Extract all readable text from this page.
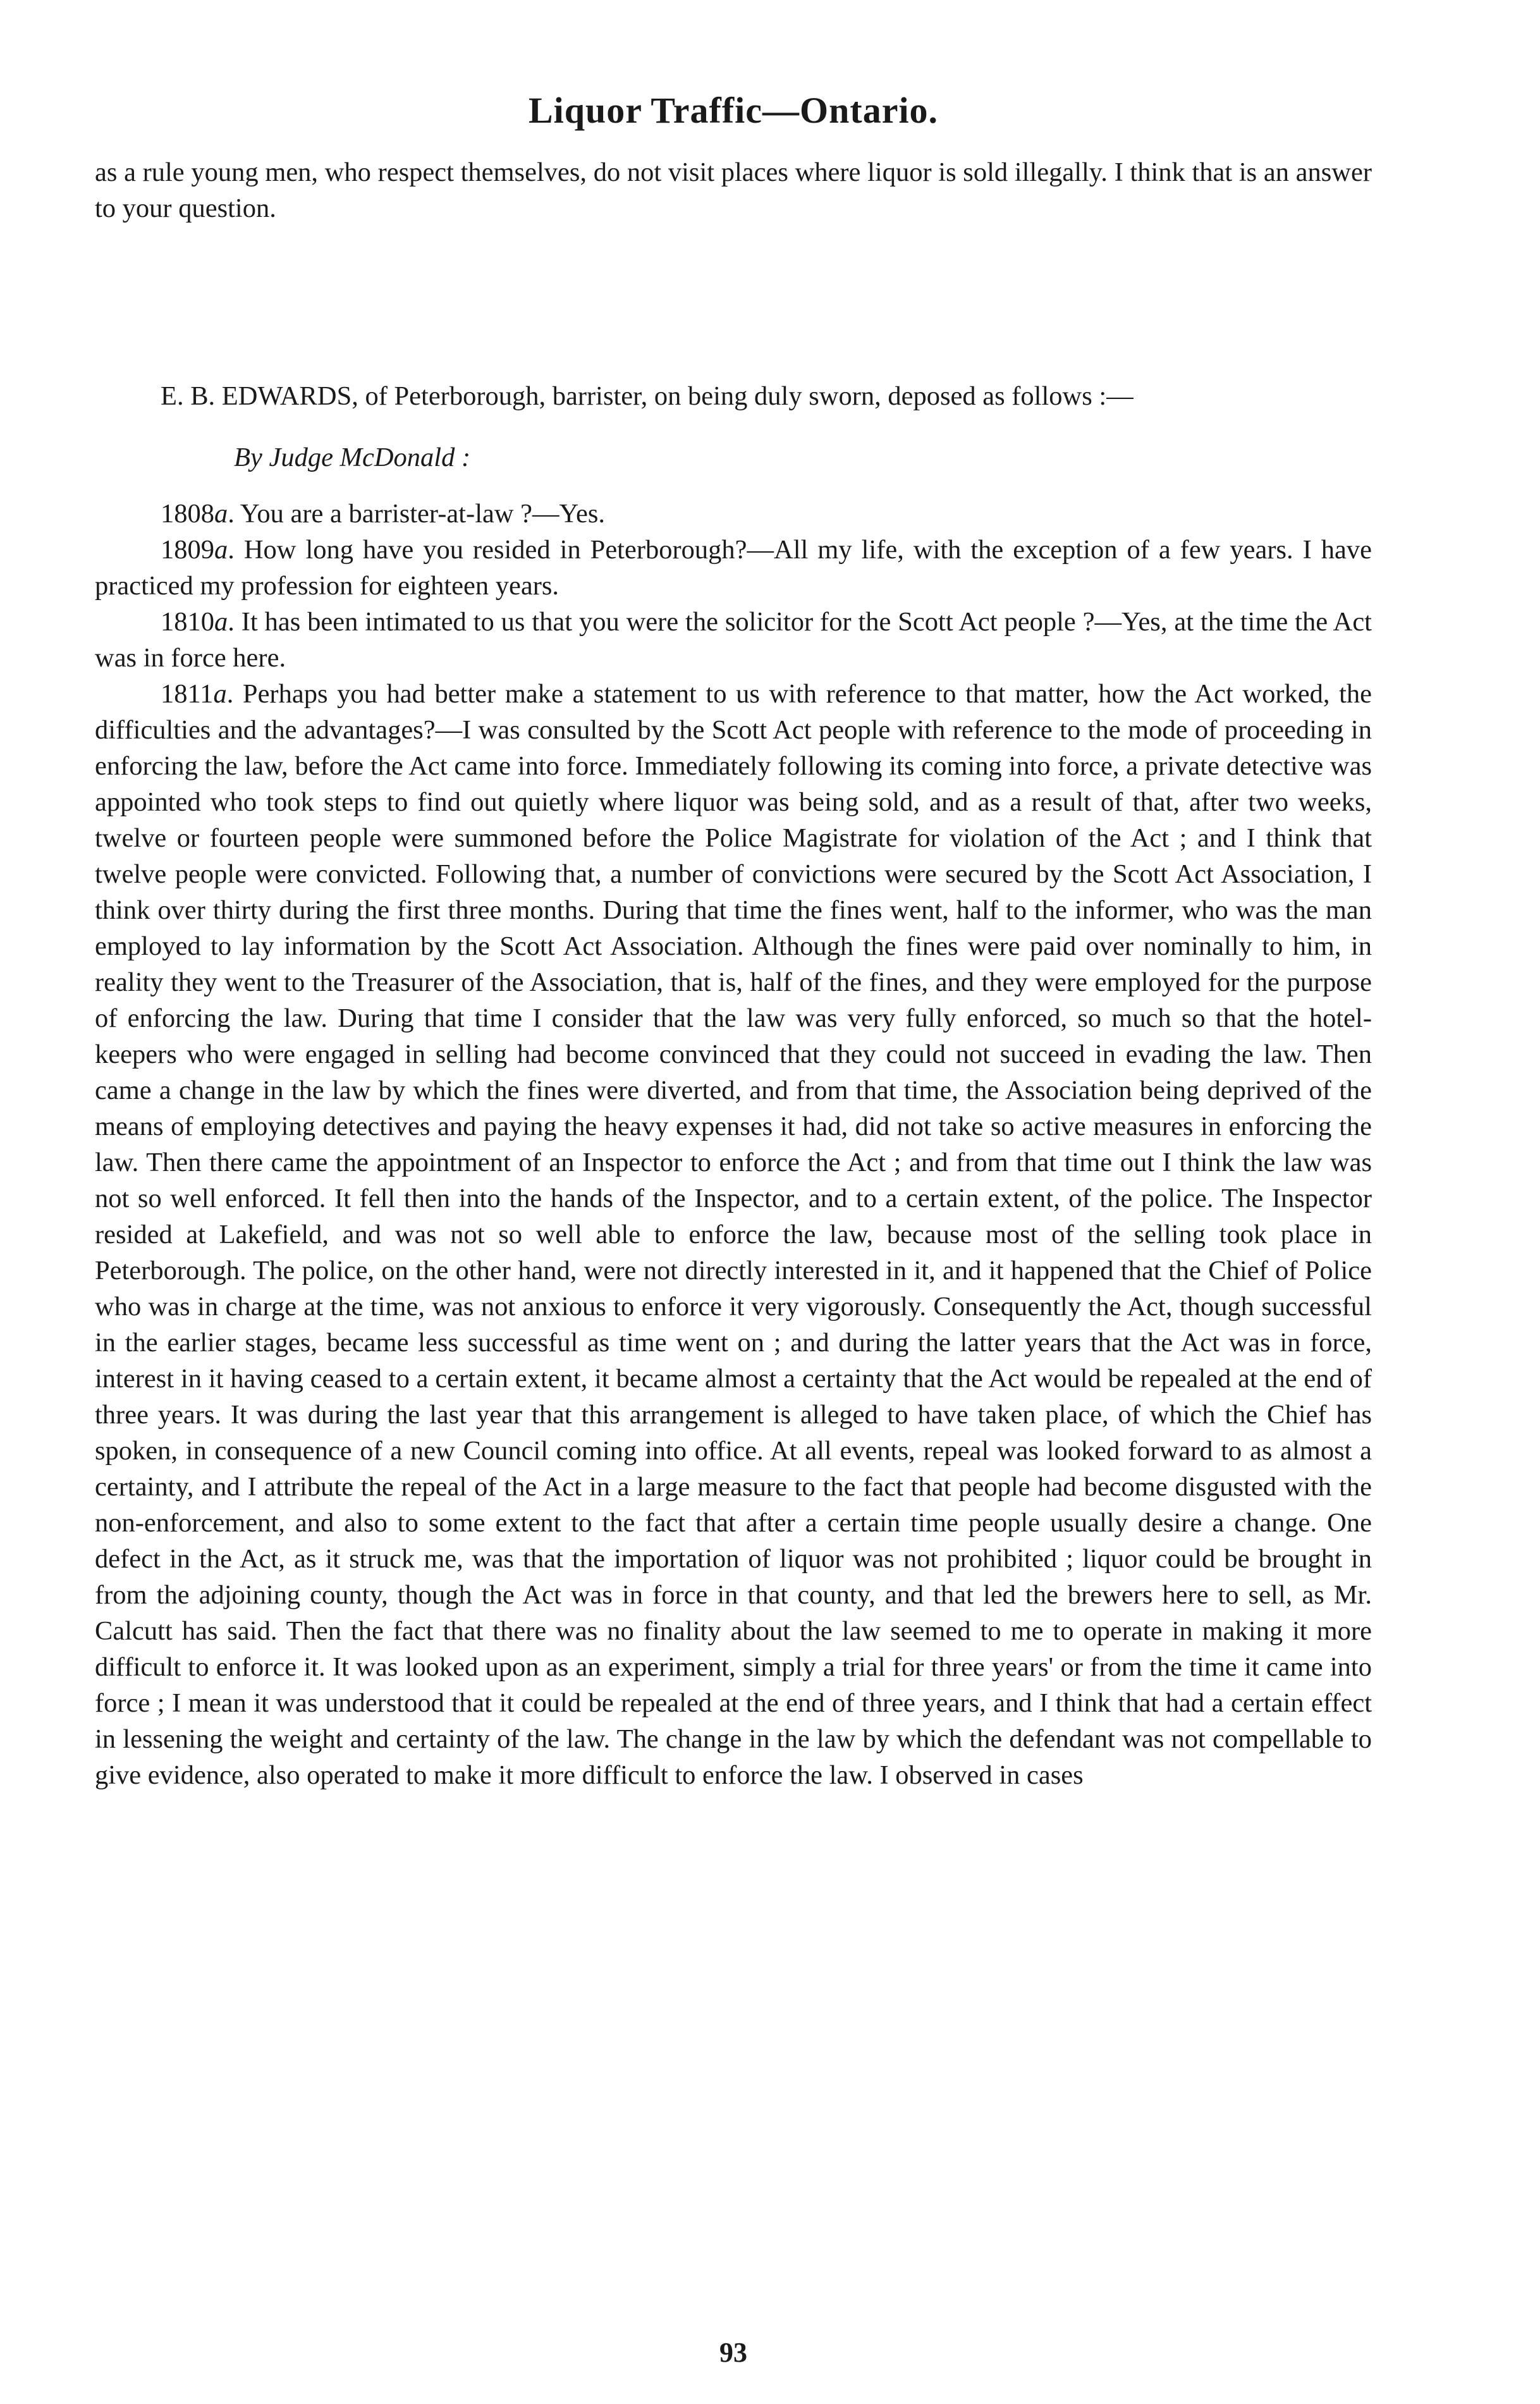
Liquor Traffic—Ontario.

as a rule young men, who respect themselves, do not visit places where liquor is sold illegally. I think that is an answer to your question.

E. B. EDWARDS, of Peterborough, barrister, on being duly sworn, deposed as follows :—

By Judge McDonald :

1808a. You are a barrister-at-law ?—Yes.

1809a. How long have you resided in Peterborough?—All my life, with the exception of a few years. I have practiced my profession for eighteen years.

1810a. It has been intimated to us that you were the solicitor for the Scott Act people ?—Yes, at the time the Act was in force here.

1811a. Perhaps you had better make a statement to us with reference to that matter, how the Act worked, the difficulties and the advantages?—I was consulted by the Scott Act people with reference to the mode of proceeding in enforcing the law, before the Act came into force. Immediately following its coming into force, a private detective was appointed who took steps to find out quietly where liquor was being sold, and as a result of that, after two weeks, twelve or fourteen people were summoned before the Police Magistrate for violation of the Act ; and I think that twelve people were convicted. Following that, a number of convictions were secured by the Scott Act Association, I think over thirty during the first three months. During that time the fines went, half to the informer, who was the man employed to lay information by the Scott Act Association. Although the fines were paid over nominally to him, in reality they went to the Treasurer of the Association, that is, half of the fines, and they were employed for the purpose of enforcing the law. During that time I consider that the law was very fully enforced, so much so that the hotel-keepers who were engaged in selling had become convinced that they could not succeed in evading the law. Then came a change in the law by which the fines were diverted, and from that time, the Association being deprived of the means of employing detectives and paying the heavy expenses it had, did not take so active measures in enforcing the law. Then there came the appointment of an Inspector to enforce the Act ; and from that time out I think the law was not so well enforced. It fell then into the hands of the Inspector, and to a certain extent, of the police. The Inspector resided at Lakefield, and was not so well able to enforce the law, because most of the selling took place in Peterborough. The police, on the other hand, were not directly interested in it, and it happened that the Chief of Police who was in charge at the time, was not anxious to enforce it very vigorously. Consequently the Act, though successful in the earlier stages, became less successful as time went on ; and during the latter years that the Act was in force, interest in it having ceased to a certain extent, it became almost a certainty that the Act would be repealed at the end of three years. It was during the last year that this arrangement is alleged to have taken place, of which the Chief has spoken, in consequence of a new Council coming into office. At all events, repeal was looked forward to as almost a certainty, and I attribute the repeal of the Act in a large measure to the fact that people had become disgusted with the non-enforcement, and also to some extent to the fact that after a certain time people usually desire a change. One defect in the Act, as it struck me, was that the importation of liquor was not prohibited ; liquor could be brought in from the adjoining county, though the Act was in force in that county, and that led the brewers here to sell, as Mr. Calcutt has said. Then the fact that there was no finality about the law seemed to me to operate in making it more difficult to enforce it. It was looked upon as an experiment, simply a trial for three years' or from the time it came into force ; I mean it was understood that it could be repealed at the end of three years, and I think that had a certain effect in lessening the weight and certainty of the law. The change in the law by which the defendant was not compellable to give evidence, also operated to make it more difficult to enforce the law. I observed in cases

93
